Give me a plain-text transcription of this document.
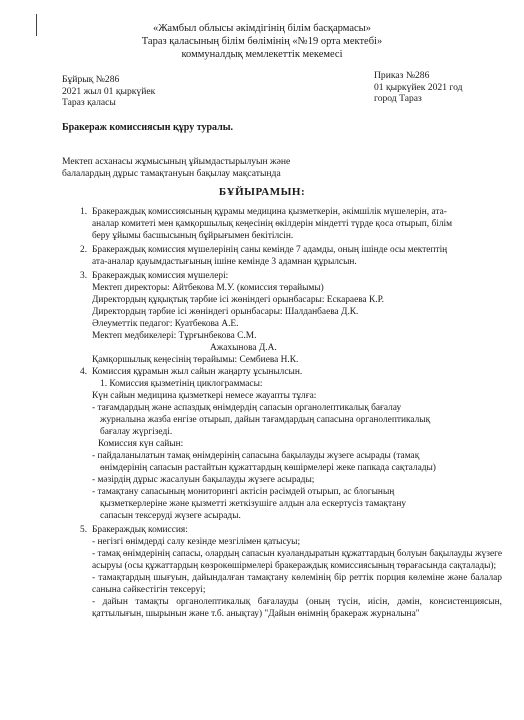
«Жамбыл облысы әкімдігінің білім басқармасы»
Тараз қаласының білім бөлімінің «№19 орта мектебі»
коммуналдық мемлекеттік мекемесі
Бұйрық №286
2021 жыл 01 қыркүйек
Тараз қаласы
Приказ №286
01 қыркүйек 2021 год
город Тараз
Бракераж комиссиясын құру туралы.
Мектеп асханасы жұмысының ұйымдастырылуын және
балалардың дұрыс тамақтануын бақылау мақсатында
БҰЙЫРАМЫН:
1. Бракераждық комиссиясының құрамы медицина қызметкерін, әкімшілік мүшелерін, ата-
аналар комитеті мен қамқоршылық кеңесінің өкілдерін міндетті түрде қоса отырып, білім
беру ұйымы басшысының бұйрығымен бекітілсін.
2. Бракераждық комиссия мүшелерінің саны кемінде 7 адамды, оның ішінде осы мектептің
ата-аналар қауымдастығының ішіне кемінде 3 адамнан құрылсын.
3. Бракераждық комиссия мүшелері:
Мектеп директоры: Айтбекова М.У. (комиссия төрайымы)
Директордың құқықтық тәрбие ісі жөніндегі орынбасары: Ескараева К.Р.
Директордың тәрбие ісі жөніндегі орынбасары: Шалданбаева Д.К.
Әлеуметтік педагог: Куатбекова А.Е.
Мектеп медбикелері: Тұрғынбекова С.М.
Ажахынова Д.А.
Қамқоршылық кеңесінің төрайымы: Сембиева Н.К.
4. Комиссия құрамын жыл сайын жаңарту ұсынылсын.
1. Комиссия қызметінің циклограммасы:
Күн сайын медицина қызметкері немесе жауапты тұлға:
- тағамдардың және аспаздық өнімдердің сапасын органолептикалық бағалау
журналына жазба енгізе отырып, дайын тағамдардың сапасына органолептикалық
бағалау жүргізеді.
Комиссия күн сайын:
- пайдаланылатын тамақ өнімдерінің сапасына бақылауды жүзеге асырады (тамақ
өнімдерінің сапасын растайтын құжаттардың көшірмелері жеке папкада сақталады)
- мәзірдің дұрыс жасалуын бақылауды жүзеге асырады;
- тамақтану сапасының мониторингі актісін рәсімдей отырып, ас блогының
қызметкерлеріне және қызметті жеткізушіге алдын ала ескертусіз тамақтану
сапасын тексеруді жүзеге асырады.
5. Бракераждық комиссия:

- негізгі өнімдерді салу кезінде мезгілімен қатысуы;

- тамақ өнімдерінің сапасы, олардың сапасын куәландыратын құжаттардың болуын бақылауды жүзеге асыруы (осы құжаттардың көзрокөшірмелері бракераждық комиссиясының төрағасында сақталады);

- тамақтардың шығуын, дайындалған тамақтану көлемінің бір реттік порция көлеміне және балалар санына сәйкестігін тексеруі;

- дайын тамақты органолептикалық бағалауды (оның түсін, иісін, дәмін, консистенциясын, қаттылығын, шырынын және т.б. анықтау) "Дайын өнімнің бракераж журналына"
